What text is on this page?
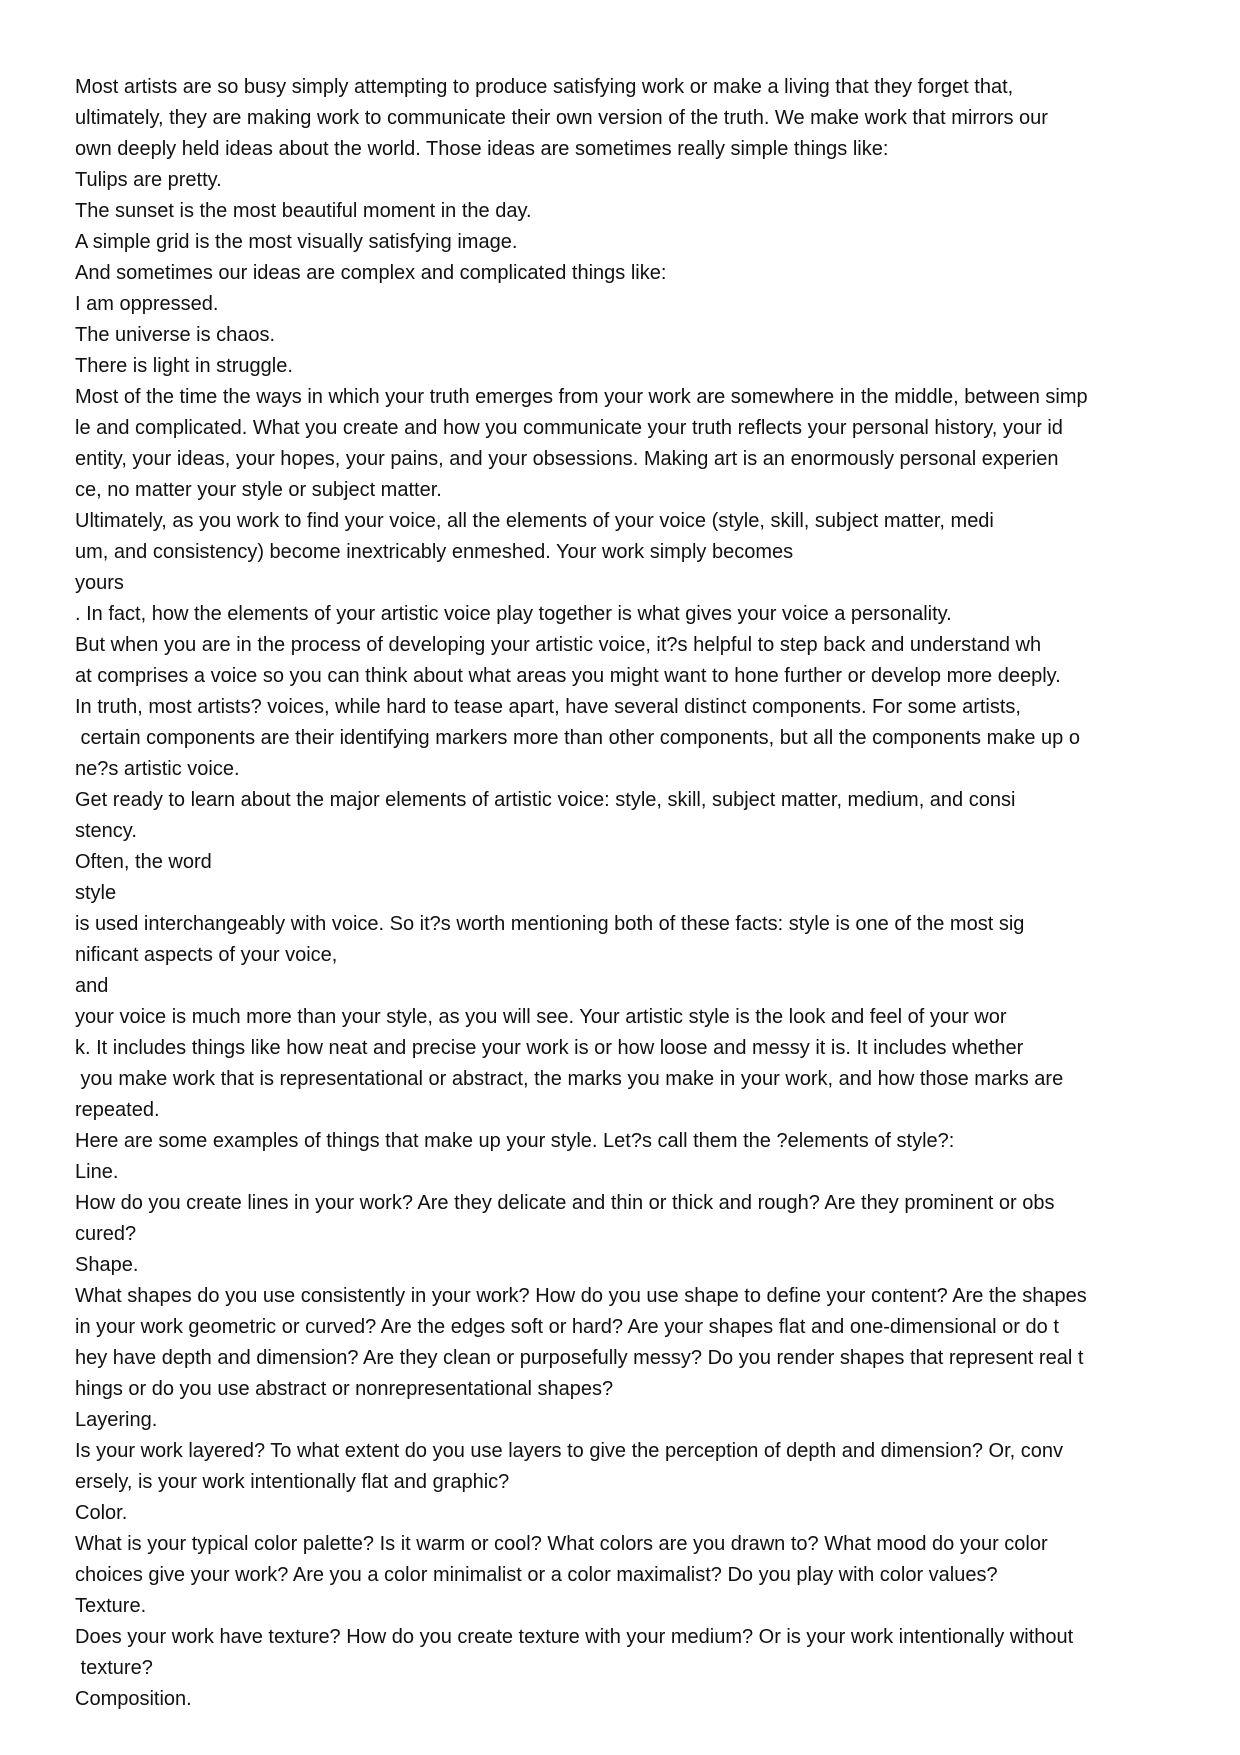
Most artists are so busy simply attempting to produce satisfying work or make a living that they forget that,
ultimately, they are making work to communicate their own version of the truth. We make work that mirrors our
own deeply held ideas about the world. Those ideas are sometimes really simple things like:
Tulips are pretty.
The sunset is the most beautiful moment in the day.
A simple grid is the most visually satisfying image.
And sometimes our ideas are complex and complicated things like:
I am oppressed.
The universe is chaos.
There is light in struggle.
Most of the time the ways in which your truth emerges from your work are somewhere in the middle, between simp
le and complicated. What you create and how you communicate your truth reflects your personal history, your id
entity, your ideas, your hopes, your pains, and your obsessions. Making art is an enormously personal experien
ce, no matter your style or subject matter.
Ultimately, as you work to find your voice, all the elements of your voice (style, skill, subject matter, medi
um, and consistency) become inextricably enmeshed. Your work simply becomes
yours
. In fact, how the elements of your artistic voice play together is what gives your voice a personality.
But when you are in the process of developing your artistic voice, it?s helpful to step back and understand wh
at comprises a voice so you can think about what areas you might want to hone further or develop more deeply.
In truth, most artists? voices, while hard to tease apart, have several distinct components. For some artists,
certain components are their identifying markers more than other components, but all the components make up o
ne?s artistic voice.
Get ready to learn about the major elements of artistic voice: style, skill, subject matter, medium, and consi
stency.
Often, the word
style
is used interchangeably with voice. So it?s worth mentioning both of these facts: style is one of the most sig
nificant aspects of your voice,
and
your voice is much more than your style, as you will see. Your artistic style is the look and feel of your wor
k. It includes things like how neat and precise your work is or how loose and messy it is. It includes whether
you make work that is representational or abstract, the marks you make in your work, and how those marks are
repeated.
Here are some examples of things that make up your style. Let?s call them the ?elements of style?:
Line.
How do you create lines in your work? Are they delicate and thin or thick and rough? Are they prominent or obs
cured?
Shape.
What shapes do you use consistently in your work? How do you use shape to define your content? Are the shapes
in your work geometric or curved? Are the edges soft or hard? Are your shapes flat and one-dimensional or do t
hey have depth and dimension? Are they clean or purposefully messy? Do you render shapes that represent real t
hings or do you use abstract or nonrepresentational shapes?
Layering.
Is your work layered? To what extent do you use layers to give the perception of depth and dimension? Or, conv
ersely, is your work intentionally flat and graphic?
Color.
What is your typical color palette? Is it warm or cool? What colors are you drawn to? What mood do your color
choices give your work? Are you a color minimalist or a color maximalist? Do you play with color values?
Texture.
Does your work have texture? How do you create texture with your medium? Or is your work intentionally without
texture?
Composition.
